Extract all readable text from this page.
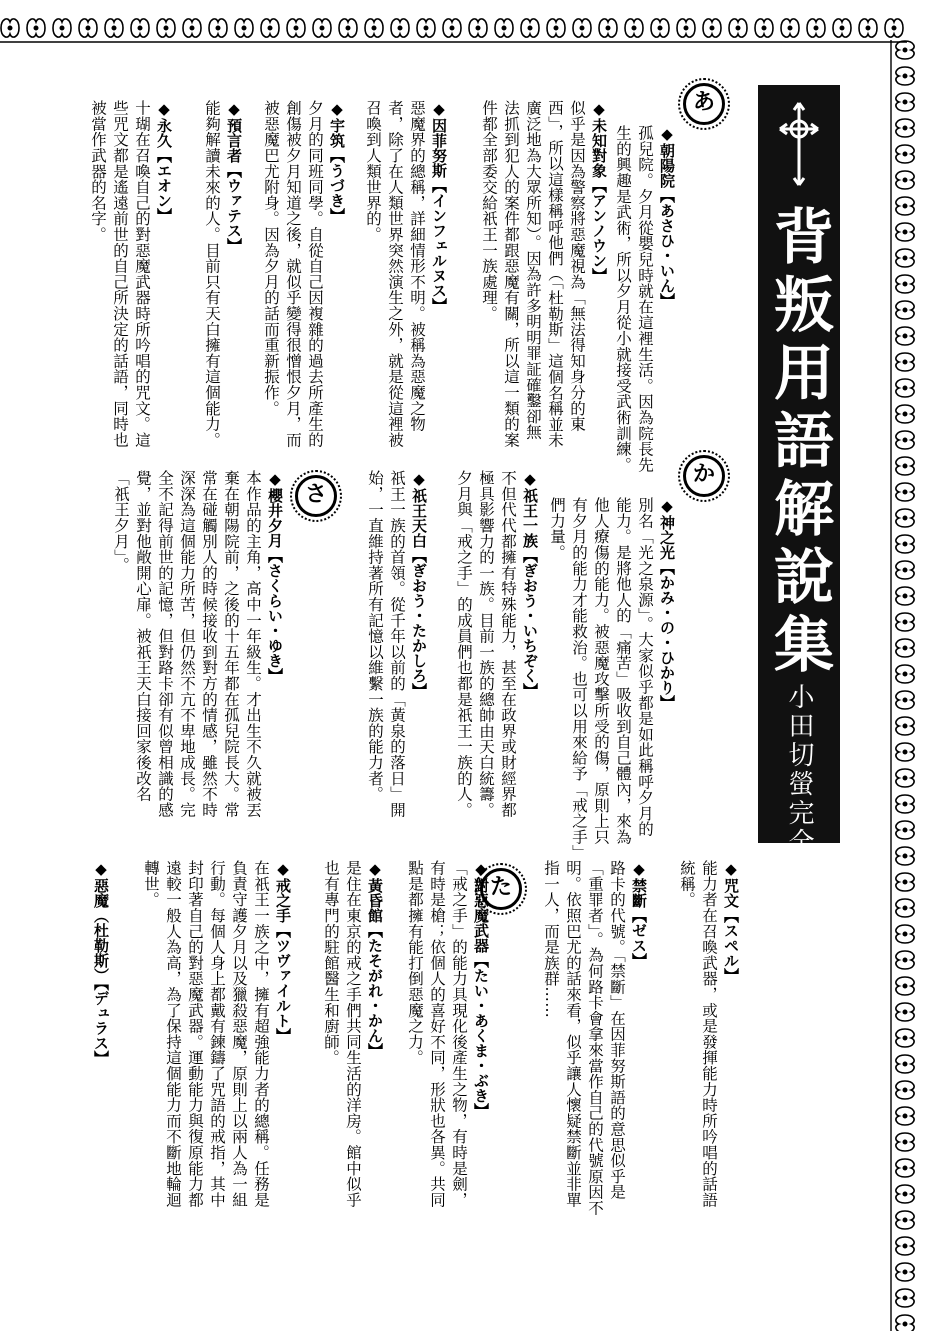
背叛用語解說集
小田切螢完全監修
あ
か
さ
た
◆朝陽院【あさひ・いん】
孤兒院。夕月從嬰兒時就在這裡生活。因為院長先
生的興趣是武術，所以夕月從小就接受武術訓練。
◆未知對象【アンノウン】
似乎是因為警察將惡魔視為「無法得知身分的東
西」，所以這樣稱呼他們（「杜勒斯」這個名稱並未
廣泛地為大眾所知）。因為許多明明罪証確鑿卻無
法抓到犯人的案件都跟惡魔有關，所以這一類的案
件都全部委交給祇王一族處理。
◆因菲努斯【インフェルヌス】
惡魔界的總稱，詳細情形不明。被稱為惡魔之物
者，除了在人類世界突然演生之外，就是從這裡被
召喚到人類世界的。
◆宇筑【うづき】
夕月的同班同學。自從自己因複雜的過去所產生的
創傷被夕月知道之後，就似乎變得很憎恨夕月，而
被惡魔巴尤附身。因為夕月的話而重新振作。
◆預言者【ウァテス】
能夠解讀未來的人。目前只有天白擁有這個能力。
◆永久【エオン】
十瑚在召喚自己的對惡魔武器時所吟唱的咒文。這
些咒文都是遙遠前世的自己所決定的話語，同時也
被當作武器的名字。
◆神之光【かみ・の・ひかり】
別名「光之泉源」。大家似乎都是如此稱呼夕月的
能力。是將他人的「痛苦」吸收到自己體內，來為
他人療傷的能力。被惡魔攻擊所受的傷，原則上只
有夕月的能力才能救治。也可以用來給予「戒之手」
們力量。
◆祇王一族【ぎおう・いちぞく】
不但代代都擁有特殊能力，甚至在政界或財經界都
極具影響力的一族。目前一族的總帥由天白統籌。
夕月與「戒之手」的成員們也都是祇王一族的人。
◆祇王天白【ぎおう・たかしろ】
祇王一族的首領。從千年以前的「黃泉的落日」開
始，一直維持著所有記憶以維繫一族的能力者。
◆櫻井夕月【さくらい・ゆき】
本作品的主角，高中一年級生。才出生不久就被丟
棄在朝陽院前，之後的十五年都在孤兒院長大。常
常在碰觸別人的時候接收到對方的情感，雖然不時
深深為這個能力所苦，但仍然不亢不卑地成長。完
全不記得前世的記憶，但對路卡卻有似曾相識的感
覺，並對他敞開心扉。被祇王天白接回家後改名
「祇王夕月」。
◆咒文【スペル】
能力者在召喚武器，或是發揮能力時所吟唱的話語
統稱。
◆禁斷【ゼス】
路卡的代號。「禁斷」在因菲努斯語的意思似乎是
「重罪者」。為何路卡會拿來當作自己的代號原因不
明。依照巴尤的話來看，似乎讓人懷疑禁斷並非單
指一人，而是族群……
◆對惡魔武器【たい・あくま・ぶき】
「戒之手」的能力具現化後產生之物，有時是劍，
有時是槍；依個人的喜好不同，形狀也各異。共同
點是都擁有能打倒惡魔之力。
◆黃昏館【たそがれ・かん】
是住在東京的戒之手們共同生活的洋房。館中似乎
也有專門的駐館醫生和廚師。
◆戒之手【ツヴァイルト】
在祇王一族之中，擁有超強能力者的總稱。任務是
負責守護夕月以及獵殺惡魔，原則上以兩人為一組
行動。每個人身上都戴有鍊鑄了咒語的戒指，其中
封印著自己的對惡魔武器。運動能力與復原能力都
遠較一般人為高，為了保持這個能力而不斷地輪迴
轉世。
◆惡魔（杜勒斯）【デュラス】
